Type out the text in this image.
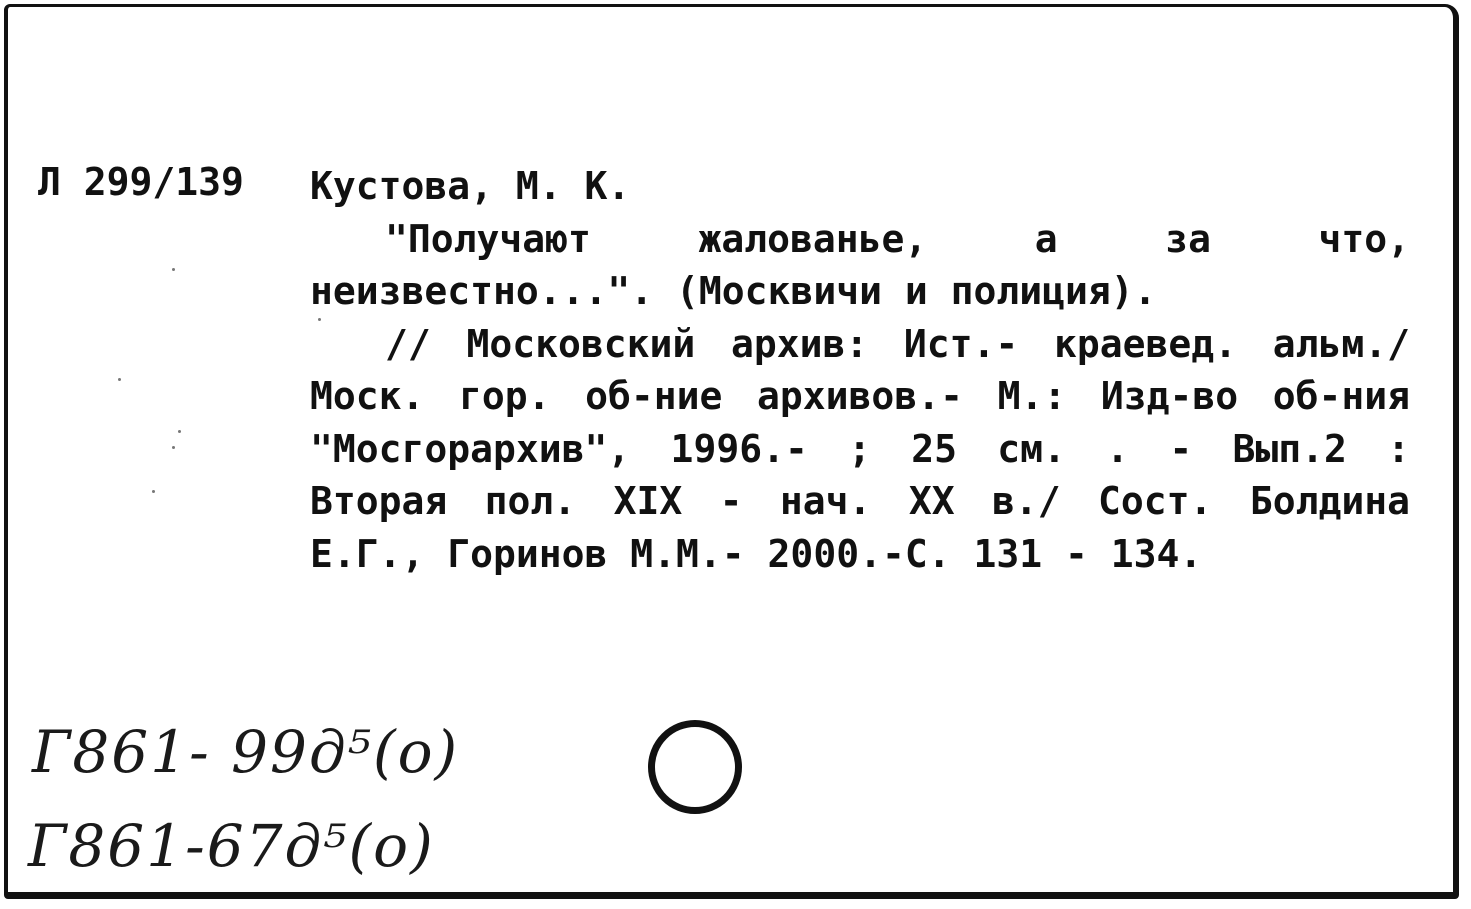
Л 299/139 Кустова, М. К.
"Получают жалованье, а за что,
неизвестно...". (Москвичи и полиция).
// Московский архив: Ист.- краевед. альм./
Моск. гор. об-ние архивов.- М.: Изд-во об-ния
"Мосгорархив", 1996.- ; 25 см. . - Вып.2 :
Вторая пол. XIX - нач. XX в./ Сост. Болдина
Е.Г., Горинов М.М.- 2000.-С. 131 - 134.
Г861- 99д⁵(о)
Г861-67д⁵(о)
